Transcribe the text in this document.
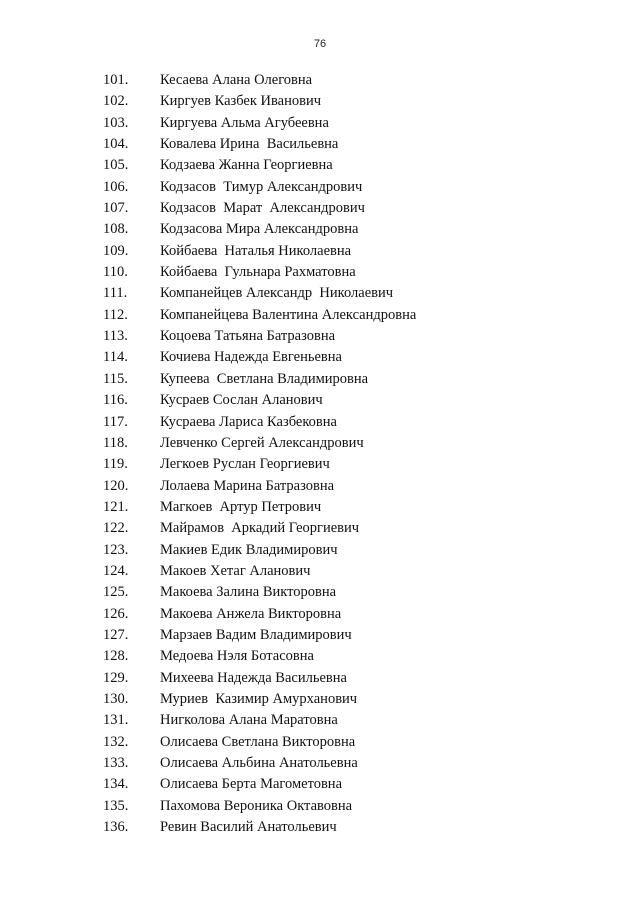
76
101. Кесаева Алана Олеговна
102. Киргуев Казбек Иванович
103. Киргуева Альма Агубеевна
104. Ковалева Ирина  Васильевна
105. Кодзаева Жанна Георгиевна
106. Кодзасов  Тимур Александрович
107. Кодзасов  Марат  Александрович
108. Кодзасова Мира Александровна
109. Койбаева  Наталья Николаевна
110. Койбаева  Гульнара Рахматовна
111. Компанейцев Александр  Николаевич
112. Компанейцева Валентина Александровна
113. Коцоева Татьяна Батразовна
114. Кочиева Надежда Евгеньевна
115. Купеева  Светлана Владимировна
116. Кусраев Сослан Аланович
117. Кусраева Лариса Казбековна
118. Левченко Сергей Александрович
119. Легкоев Руслан Георгиевич
120. Лолаева Марина Батразовна
121. Магкоев  Артур Петрович
122. Майрамов  Аркадий Георгиевич
123. Макиев Едик Владимирович
124. Макоев Хетаг Аланович
125. Макоева Залина Викторовна
126. Макоева Анжела Викторовна
127. Марзаев Вадим Владимирович
128. Медоева Нэля Ботасовна
129. Михеева Надежда Васильевна
130. Муриев  Казимир Амурханович
131. Нигколова Алана Маратовна
132. Олисаева Светлана Викторовна
133. Олисаева Альбина Анатольевна
134. Олисаева Берта Магометовна
135. Пахомова Вероника Октавовна
136. Ревин Василий Анатольевич
